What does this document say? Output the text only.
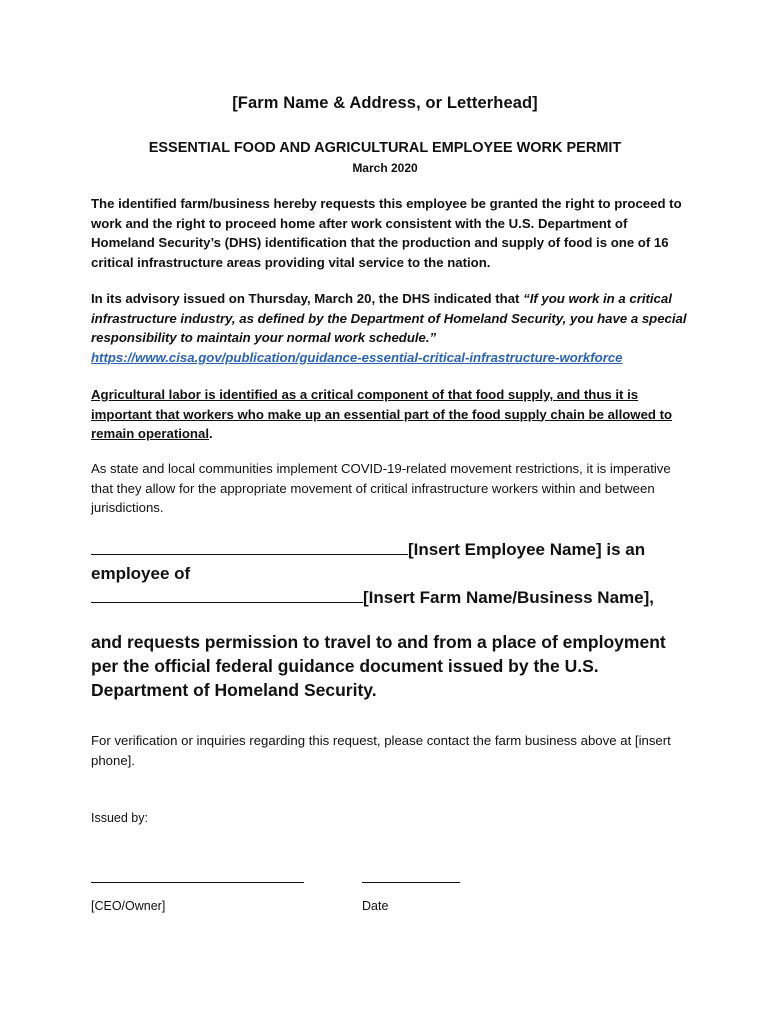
[Farm Name & Address, or Letterhead]
ESSENTIAL FOOD AND AGRICULTURAL EMPLOYEE WORK PERMIT
March 2020
The identified farm/business hereby requests this employee be granted the right to proceed to work and the right to proceed home after work consistent with the U.S. Department of Homeland Security’s (DHS) identification that the production and supply of food is one of 16 critical infrastructure areas providing vital service to the nation.
In its advisory issued on Thursday, March 20, the DHS indicated that “If you work in a critical infrastructure industry, as defined by the Department of Homeland Security, you have a special responsibility to maintain your normal work schedule.”
https://www.cisa.gov/publication/guidance-essential-critical-infrastructure-workforce
Agricultural labor is identified as a critical component of that food supply, and thus it is important that workers who make up an essential part of the food supply chain be allowed to remain operational.
As state and local communities implement COVID-19-related movement restrictions, it is imperative that they allow for the appropriate movement of critical infrastructure workers within and between jurisdictions.
[Insert Employee Name] is an employee of
[Insert Farm Name/Business Name],
and requests permission to travel to and from a place of employment per the official federal guidance document issued by the U.S. Department of Homeland Security.
For verification or inquiries regarding this request, please contact the farm business above at [insert phone].
Issued by:
[CEO/Owner]	Date
